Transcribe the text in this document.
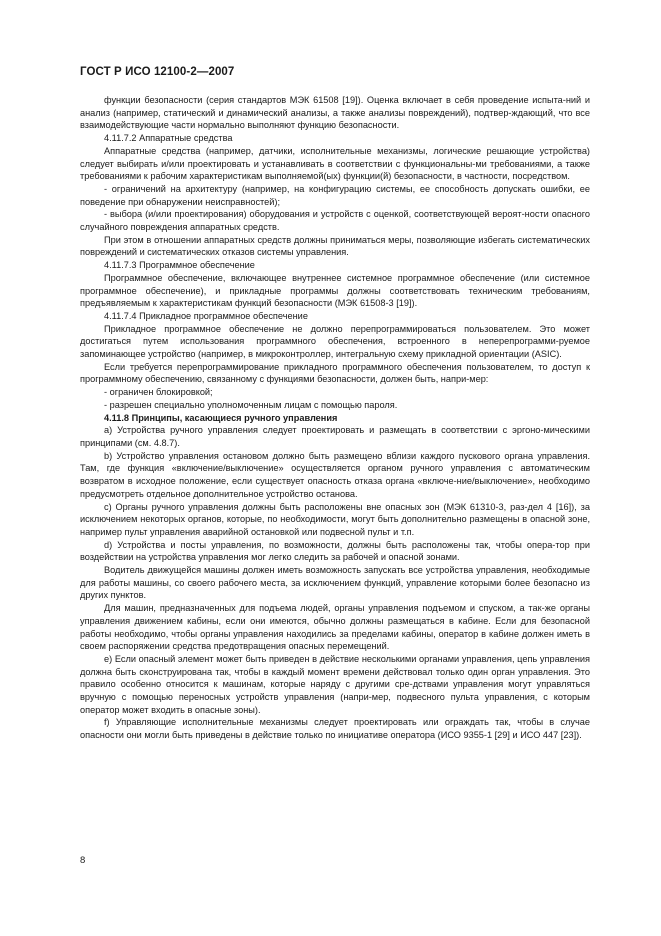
ГОСТ Р ИСО 12100-2—2007

функции безопасности (серия стандартов МЭК 61508 [19]). Оценка включает в себя проведение испыта-ний и анализ (например, статический и динамический анализы, а также анализы повреждений), подтвер-ждающий, что все взаимодействующие части нормально выполняют функцию безопасности.

4.11.7.2 Аппаратные средства

Аппаратные средства (например, датчики, исполнительные механизмы, логические решающие устройства) следует выбирать и/или проектировать и устанавливать в соответствии с функциональны-ми требованиями, а также требованиями к рабочим характеристикам выполняемой(ых) функции(й) безопасности, в частности, посредством.

- ограничений на архитектуру (например, на конфигурацию системы, ее способность допускать ошибки, ее поведение при обнаружении неисправностей);

- выбора (и/или проектирования) оборудования и устройств с оценкой, соответствующей вероят-ности опасного случайного повреждения аппаратных средств.

При этом в отношении аппаратных средств должны приниматься меры, позволяющие избегать систематических повреждений и систематических отказов системы управления.

4.11.7.3 Программное обеспечение

Программное обеспечение, включающее внутреннее системное программное обеспечение (или системное программное обеспечение), и прикладные программы должны соответствовать техническим требованиям, предъявляемым к характеристикам функций безопасности (МЭК 61508-3 [19]).

4.11.7.4 Прикладное программное обеспечение

Прикладное программное обеспечение не должно перепрограммироваться пользователем. Это может достигаться путем использования программного обеспечения, встроенного в неперепрограмми-руемое запоминающее устройство (например, в микроконтроллер, интегральную схему прикладной ориентации (ASIC).

Если требуется перепрограммирование прикладного программного обеспечения пользователем, то доступ к программному обеспечению, связанному с функциями безопасности, должен быть, напри-мер:

- ограничен блокировкой;

- разрешен специально уполномоченным лицам с помощью пароля.

4.11.8 Принципы, касающиеся ручного управления

а) Устройства ручного управления следует проектировать и размещать в соответствии с эргоно-мическими принципами (см. 4.8.7).

b) Устройство управления остановом должно быть размещено вблизи каждого пускового органа управления. Там, где функция «включение/выключение» осуществляется органом ручного управления с автоматическим возвратом в исходное положение, если существует опасность отказа органа «включе-ние/выключение», необходимо предусмотреть отдельное дополнительное устройство останова.

с) Органы ручного управления должны быть расположены вне опасных зон (МЭК 61310-3, раз-дел 4 [16]), за исключением некоторых органов, которые, по необходимости, могут быть дополнительно размещены в опасной зоне, например пульт управления аварийной остановкой или подвесной пульт и т.п.

d) Устройства и посты управления, по возможности, должны быть расположены так, чтобы опера-тор при воздействии на устройства управления мог легко следить за рабочей и опасной зонами.

Водитель движущейся машины должен иметь возможность запускать все устройства управления, необходимые для работы машины, со своего рабочего места, за исключением функций, управление которыми более безопасно из других пунктов.

Для машин, предназначенных для подъема людей, органы управления подъемом и спуском, а так-же органы управления движением кабины, если они имеются, обычно должны размещаться в кабине. Если для безопасной работы необходимо, чтобы органы управления находились за пределами кабины, оператор в кабине должен иметь в своем распоряжении средства предотвращения опасных перемещений.

е) Если опасный элемент может быть приведен в действие несколькими органами управления, цепь управления должна быть сконструирована так, чтобы в каждый момент времени действовал только один орган управления. Это правило особенно относится к машинам, которые наряду с другими сре-дствами управления могут управляться вручную с помощью переносных устройств управления (напри-мер, подвесного пульта управления, с которым оператор может входить в опасные зоны).

f) Управляющие исполнительные механизмы следует проектировать или ограждать так, чтобы в случае опасности они могли быть приведены в действие только по инициативе оператора (ИСО 9355-1 [29] и ИСО 447 [23]).

8
